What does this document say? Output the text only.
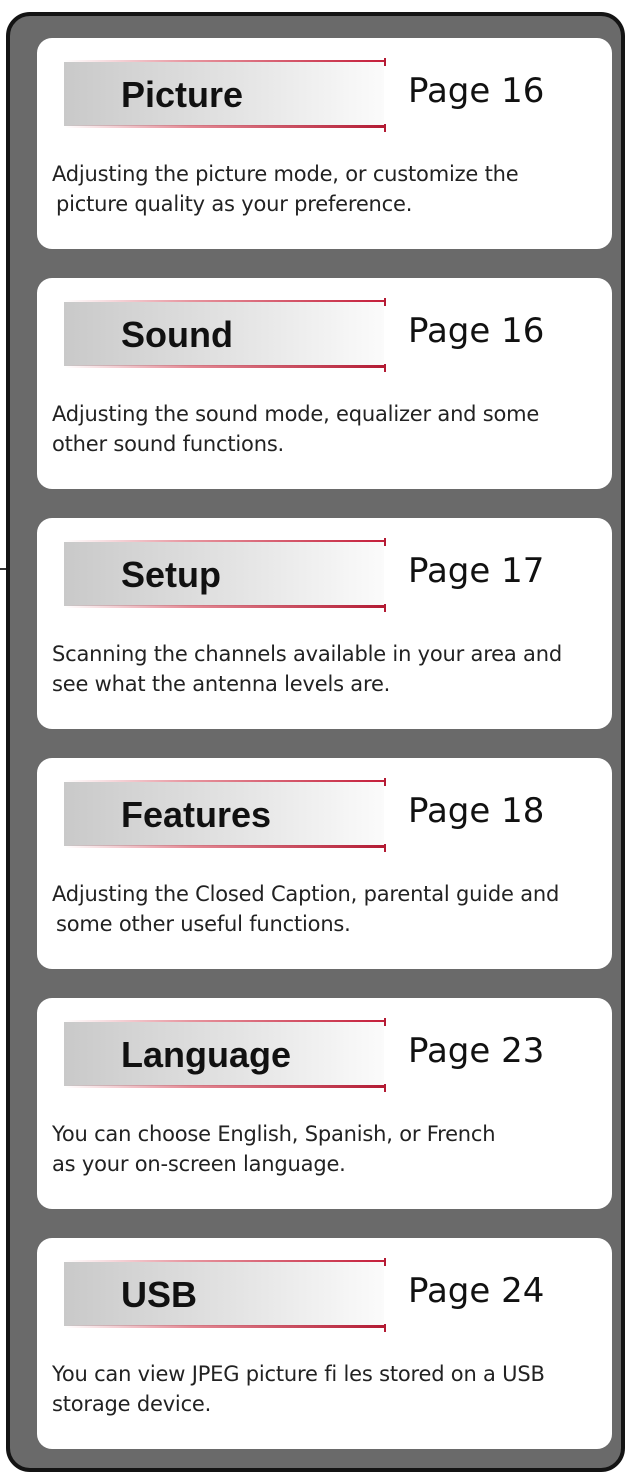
Picture	Page 16
Adjusting the picture mode, or customize the
picture quality as your preference.
Sound	Page 16
Adjusting the sound mode, equalizer and some
other sound functions.
Setup	Page 17
Scanning the channels available in your area and
see what the antenna levels are.
Features	Page 18
Adjusting the Closed Caption, parental guide and
some other useful functions.
Language	Page 23
You can choose English, Spanish, or French
as your on-screen language.
USB	Page 24
You can view JPEG picture fi les stored on a USB
storage device.
